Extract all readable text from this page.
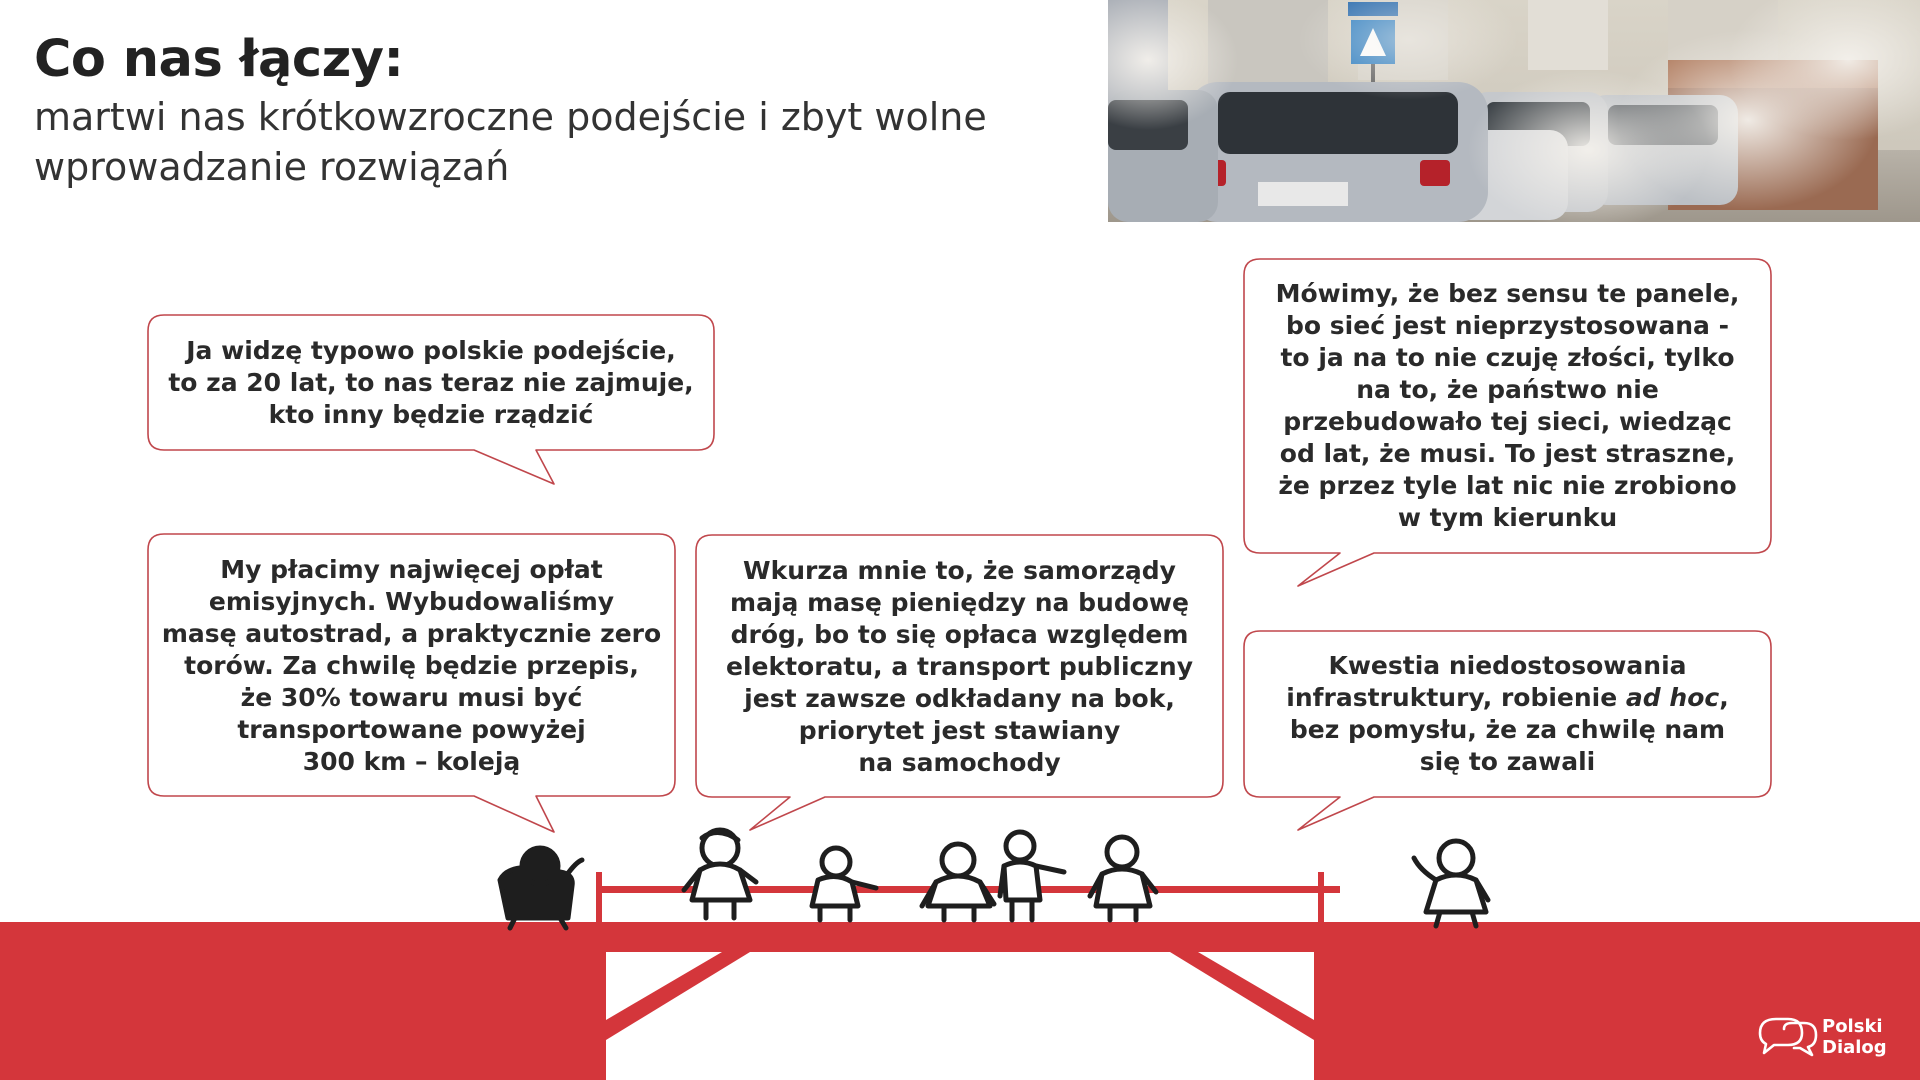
Co nas łączy:

martwi nas krótkowzroczne podejście i zbyt wolne wprowadzanie rozwiązań

Ja widzę typowo polskie podejście,
to za 20 lat, to nas teraz nie zajmuje,
kto inny będzie rządzić
My płacimy najwięcej opłat
emisyjnych. Wybudowaliśmy
masę autostrad, a praktycznie zero
torów. Za chwilę będzie przepis,
że 30% towaru musi być
transportowane powyżej
300 km – koleją
Wkurza mnie to, że samorządy
mają masę pieniędzy na budowę
dróg, bo to się opłaca względem
elektoratu, a transport publiczny
jest zawsze odkładany na bok,
priorytet jest stawiany
na samochody
Mówimy, że bez sensu te panele,
bo sieć jest nieprzystosowana -
to ja na to nie czuję złości, tylko
na to, że państwo nie
przebudowało tej sieci, wiedząc
od lat, że musi. To jest straszne,
że przez tyle lat nic nie zrobiono
w tym kierunku
Kwestia niedostosowania
infrastruktury, robienie ad hoc,
bez pomysłu, że za chwilę nam
się to zawali
Polski
Dialog
